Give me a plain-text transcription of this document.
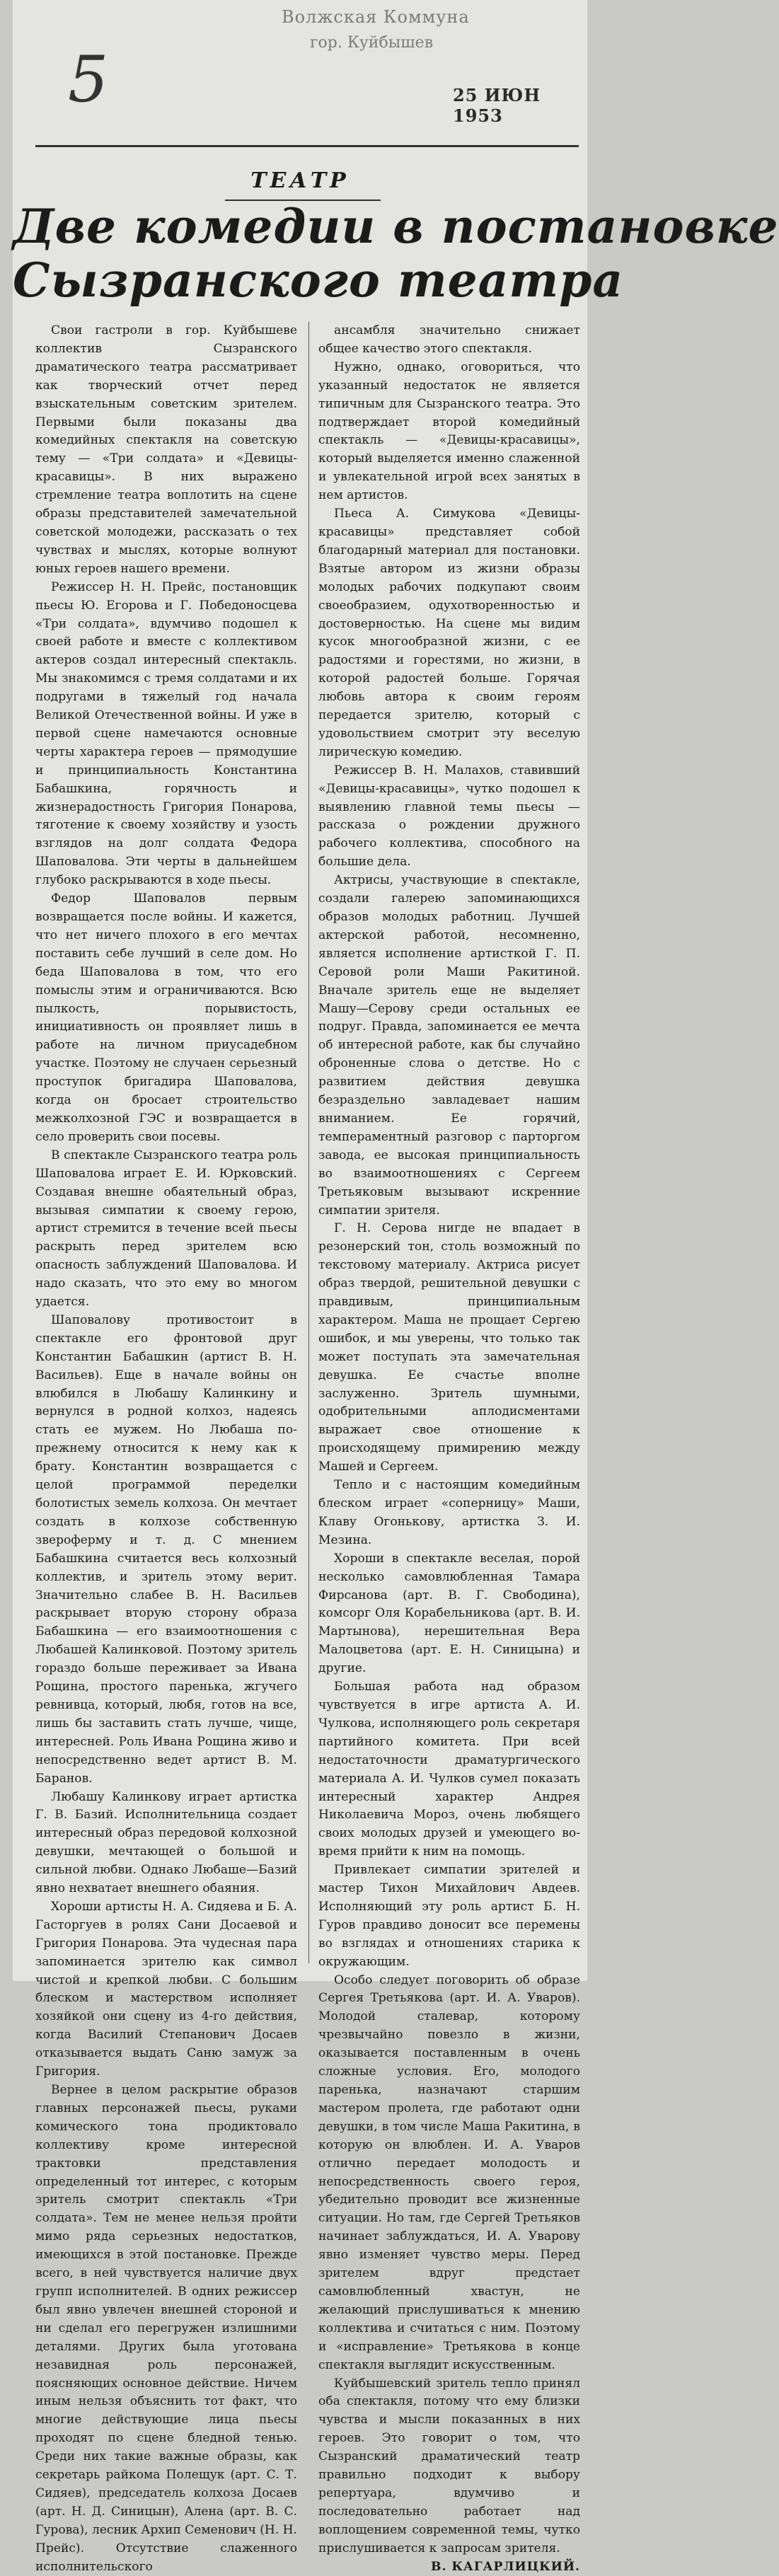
Волжская Коммуна
гор. Куйбышев
5	25 ИЮН 1953
ТЕАТР
Две комедии в постановке
Сызранского театра

Свои гастроли в гор. Куйбышеве коллектив Сызранского драматического театра рассматривает как творческий отчет перед взыскательным советским зрителем. Первыми были показаны два комедийных спектакля на советскую тему — «Три солдата» и «Девицы-красавицы». В них выражено стремление театра воплотить на сцене образы представителей замечательной советской молодежи, рассказать о тех чувствах и мыслях, которые волнуют юных героев нашего времени.

Режиссер Н. Н. Прейс, постановщик пьесы Ю. Егорова и Г. Победоносцева «Три солдата», вдумчиво подошел к своей работе и вместе с коллективом актеров создал интересный спектакль. Мы знакомимся с тремя солдатами и их подругами в тяжелый год начала Великой Отечественной войны. И уже в первой сцене намечаются основные черты характера героев — прямодушие и принципиальность Константина Бабашкина, горячность и жизнерадостность Григория Понарова, тяготение к своему хозяйству и узость взглядов на долг солдата Федора Шаповалова. Эти черты в дальнейшем глубоко раскрываются в ходе пьесы.

Федор Шаповалов первым возвращается после войны. И кажется, что нет ничего плохого в его мечтах поставить себе лучший в селе дом. Но беда Шаповалова в том, что его помыслы этим и ограничиваются. Всю пылкость, порывистость, инициативность он проявляет лишь в работе на личном приусадебном участке. Поэтому не случаен серьезный проступок бригадира Шаповалова, когда он бросает строительство межколхозной ГЭС и возвращается в село проверить свои посевы.

В спектакле Сызранского театра роль Шаповалова играет Е. И. Юрковский. Создавая внешне обаятельный образ, вызывая симпатии к своему герою, артист стремится в течение всей пьесы раскрыть перед зрителем всю опасность заблуждений Шаповалова. И надо сказать, что это ему во многом удается.

Шаповалову противостоит в спектакле его фронтовой друг Константин Бабашкин (артист В. Н. Васильев). Еще в начале войны он влюбился в Любашу Калинкину и вернулся в родной колхоз, надеясь стать ее мужем. Но Любаша по-прежнему относится к нему как к брату. Константин возвращается с целой программой переделки болотистых земель колхоза. Он мечтает создать в колхозе собственную звероферму и т. д. С мнением Бабашкина считается весь колхозный коллектив, и зритель этому верит. Значительно слабее В. Н. Васильев раскрывает вторую сторону образа Бабашкина — его взаимоотношения с Любашей Калинковой. Поэтому зритель гораздо больше переживает за Ивана Рощина, простого паренька, жгучего ревнивца, который, любя, готов на все, лишь бы заставить стать лучше, чище, интересней. Роль Ивана Рощина живо и непосредственно ведет артист В. М. Баранов.

Любашу Калинкову играет артистка Г. В. Базий. Исполнительница создает интересный образ передовой колхозной девушки, мечтающей о большой и сильной любви. Однако Любаше—Базий явно нехватает внешнего обаяния.

Хороши артисты Н. А. Сидяева и Б. А. Гасторгуев в ролях Сани Досаевой и Григория Понарова. Эта чудесная пара запоминается зрителю как символ чистой и крепкой любви. С большим блеском и мастерством исполняет хозяйкой они сцену из 4-го действия, когда Василий Степанович Досаев отказывается выдать Саню замуж за Григория.

Вернее в целом раскрытие образов главных персонажей пьесы, руками комического тона продиктовало коллективу кроме интересной трактовки представления определенный тот интерес, с которым зритель смотрит спектакль «Три солдата». Тем не менее нельзя пройти мимо ряда серьезных недостатков, имеющихся в этой постановке. Прежде всего, в ней чувствуется наличие двух групп исполнителей. В одних режиссер был явно увлечен внешней стороной и ни сделал его перегружен излишними деталями. Других была уготована незавидная роль персонажей, поясняющих основное действие. Ничем иным нельзя объяснить тот факт, что многие действующие лица пьесы проходят по сцене бледной тенью. Среди них такие важные образы, как секретарь райкома Полещук (арт. С. Т. Сидяев), председатель колхоза Досаев (арт. Н. Д. Синицын), Алена (арт. В. С. Гурова), лесник Архип Семенович (Н. Н. Прейс). Отсутствие слаженного исполнительского

ансамбля значительно снижает общее качество этого спектакля.

Нужно, однако, оговориться, что указанный недостаток не является типичным для Сызранского театра. Это подтверждает второй комедийный спектакль — «Девицы-красавицы», который выделяется именно слаженной и увлекательной игрой всех занятых в нем артистов.

Пьеса А. Симукова «Девицы-красавицы» представляет собой благодарный материал для постановки. Взятые автором из жизни образы молодых рабочих подкупают своим своеобразием, одухотворенностью и достоверностью. На сцене мы видим кусок многообразной жизни, с ее радостями и горестями, но жизни, в которой радостей больше. Горячая любовь автора к своим героям передается зрителю, который с удовольствием смотрит эту веселую лирическую комедию.

Режиссер В. Н. Малахов, ставивший «Девицы-красавицы», чутко подошел к выявлению главной темы пьесы — рассказа о рождении дружного рабочего коллектива, способного на большие дела.

Актрисы, участвующие в спектакле, создали галерею запоминающихся образов молодых работниц. Лучшей актерской работой, несомненно, является исполнение артисткой Г. П. Серовой роли Маши Ракитиной. Вначале зритель еще не выделяет Машу—Серову среди остальных ее подруг. Правда, запоминается ее мечта об интересной работе, как бы случайно оброненные слова о детстве. Но с развитием действия девушка безраздельно завладевает нашим вниманием. Ее горячий, темпераментный разговор с парторгом завода, ее высокая принципиальность во взаимоотношениях с Сергеем Третьяковым вызывают искренние симпатии зрителя.

Г. Н. Серова нигде не впадает в резонерский тон, столь возможный по текстовому материалу. Актриса рисует образ твердой, решительной девушки с правдивым, принципиальным характером. Маша не прощает Сергею ошибок, и мы уверены, что только так может поступать эта замечательная девушка. Ее счастье вполне заслуженно. Зритель шумными, одобрительными аплодисментами выражает свое отношение к происходящему примирению между Машей и Сергеем.

Тепло и с настоящим комедийным блеском играет «соперницу» Маши, Клаву Огонькову, артистка З. И. Мезина.

Хороши в спектакле веселая, порой несколько самовлюбленная Тамара Фирсанова (арт. В. Г. Свободина), комсорг Оля Корабельникова (арт. В. И. Мартынова), нерешительная Вера Малоцветова (арт. Е. Н. Синицына) и другие.

Большая работа над образом чувствуется в игре артиста А. И. Чулкова, исполняющего роль секретаря партийного комитета. При всей недостаточности драматургического материала А. И. Чулков сумел показать интересный характер Андрея Николаевича Мороз, очень любящего своих молодых друзей и умеющего во-время прийти к ним на помощь.

Привлекает симпатии зрителей и мастер Тихон Михайлович Авдеев. Исполняющий эту роль артист Б. Н. Гуров правдиво доносит все перемены во взглядах и отношениях старика к окружающим.

Особо следует поговорить об образе Сергея Третьякова (арт. И. А. Уваров). Молодой сталевар, которому чрезвычайно повезло в жизни, оказывается поставленным в очень сложные условия. Его, молодого паренька, назначают старшим мастером пролета, где работают одни девушки, в том числе Маша Ракитина, в которую он влюблен. И. А. Уваров отлично передает молодость и непосредственность своего героя, убедительно проводит все жизненные ситуации. Но там, где Сергей Третьяков начинает заблуждаться, И. А. Уварову явно изменяет чувство меры. Перед зрителем вдруг предстает самовлюбленный хвастун, не желающий прислушиваться к мнению коллектива и считаться с ним. Поэтому и «исправление» Третьякова в конце спектакля выглядит искусственным.

Куйбышевский зритель тепло принял оба спектакля, потому что ему близки чувства и мысли показанных в них героев. Это говорит о том, что Сызранский драматический театр правильно подходит к выбору репертуара, вдумчиво и последовательно работает над воплощением современной темы, чутко прислушивается к запросам зрителя.

В. КАГАРЛИЦКИЙ.
